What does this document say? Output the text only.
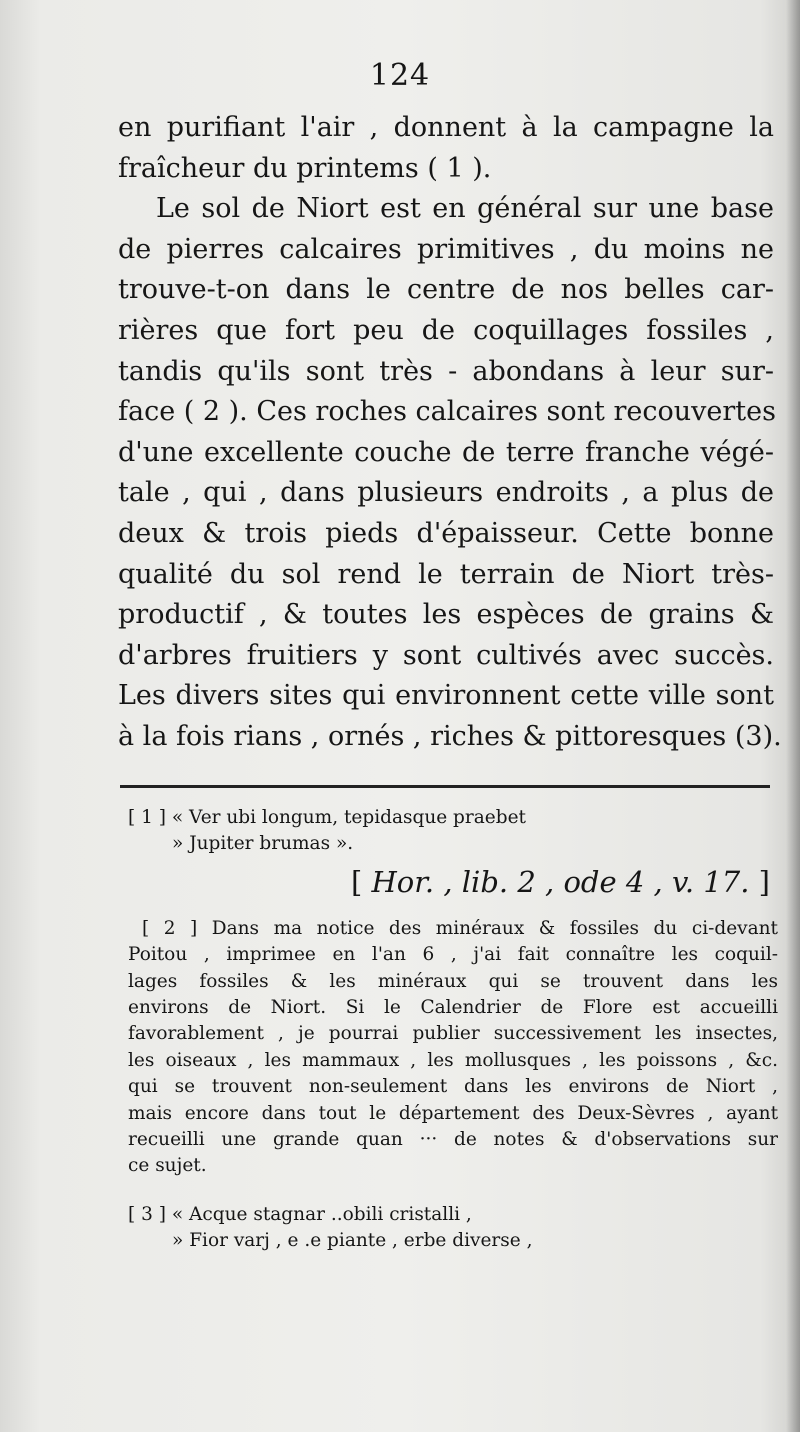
124
en purifiant l'air , donnent à la campagne la
fraîcheur du printems ( 1 ).
Le sol de Niort est en général sur une base
de pierres calcaires primitives , du moins ne
trouve-t-on dans le centre de nos belles car-
rières que fort peu de coquillages fossiles ,
tandis qu'ils sont très - abondans à leur sur-
face ( 2 ). Ces roches calcaires sont recouvertes
d'une excellente couche de terre franche végé-
tale , qui , dans plusieurs endroits , a plus de
deux & trois pieds d'épaisseur. Cette bonne
qualité du sol rend le terrain de Niort très-
productif , & toutes les espèces de grains &
d'arbres fruitiers y sont cultivés avec succès.
Les divers sites qui environnent cette ville sont
à la fois rians , ornés , riches & pittoresques (3).
[ 1 ] « Ver ubi longum, tepidasque praebet
» Jupiter brumas ».
[ Hor. , lib. 2 , ode 4 , v. 17. ]
[ 2 ] Dans ma notice des minéraux & fossiles du ci-devant
Poitou , imprimee en l'an 6 , j'ai fait connaître les coquil-
lages fossiles & les minéraux qui se trouvent dans les
environs de Niort. Si le Calendrier de Flore est accueilli
favorablement , je pourrai publier successivement les insectes,
les oiseaux , les mammaux , les mollusques , les poissons , &c.
qui se trouvent non-seulement dans les environs de Niort ,
mais encore dans tout le département des Deux-Sèvres , ayant
recueilli une grande quan ··· de notes & d'observations sur
ce sujet.
[ 3 ] « Acque stagnar ..obili cristalli ,
» Fior varj , e .e piante , erbe diverse ,
